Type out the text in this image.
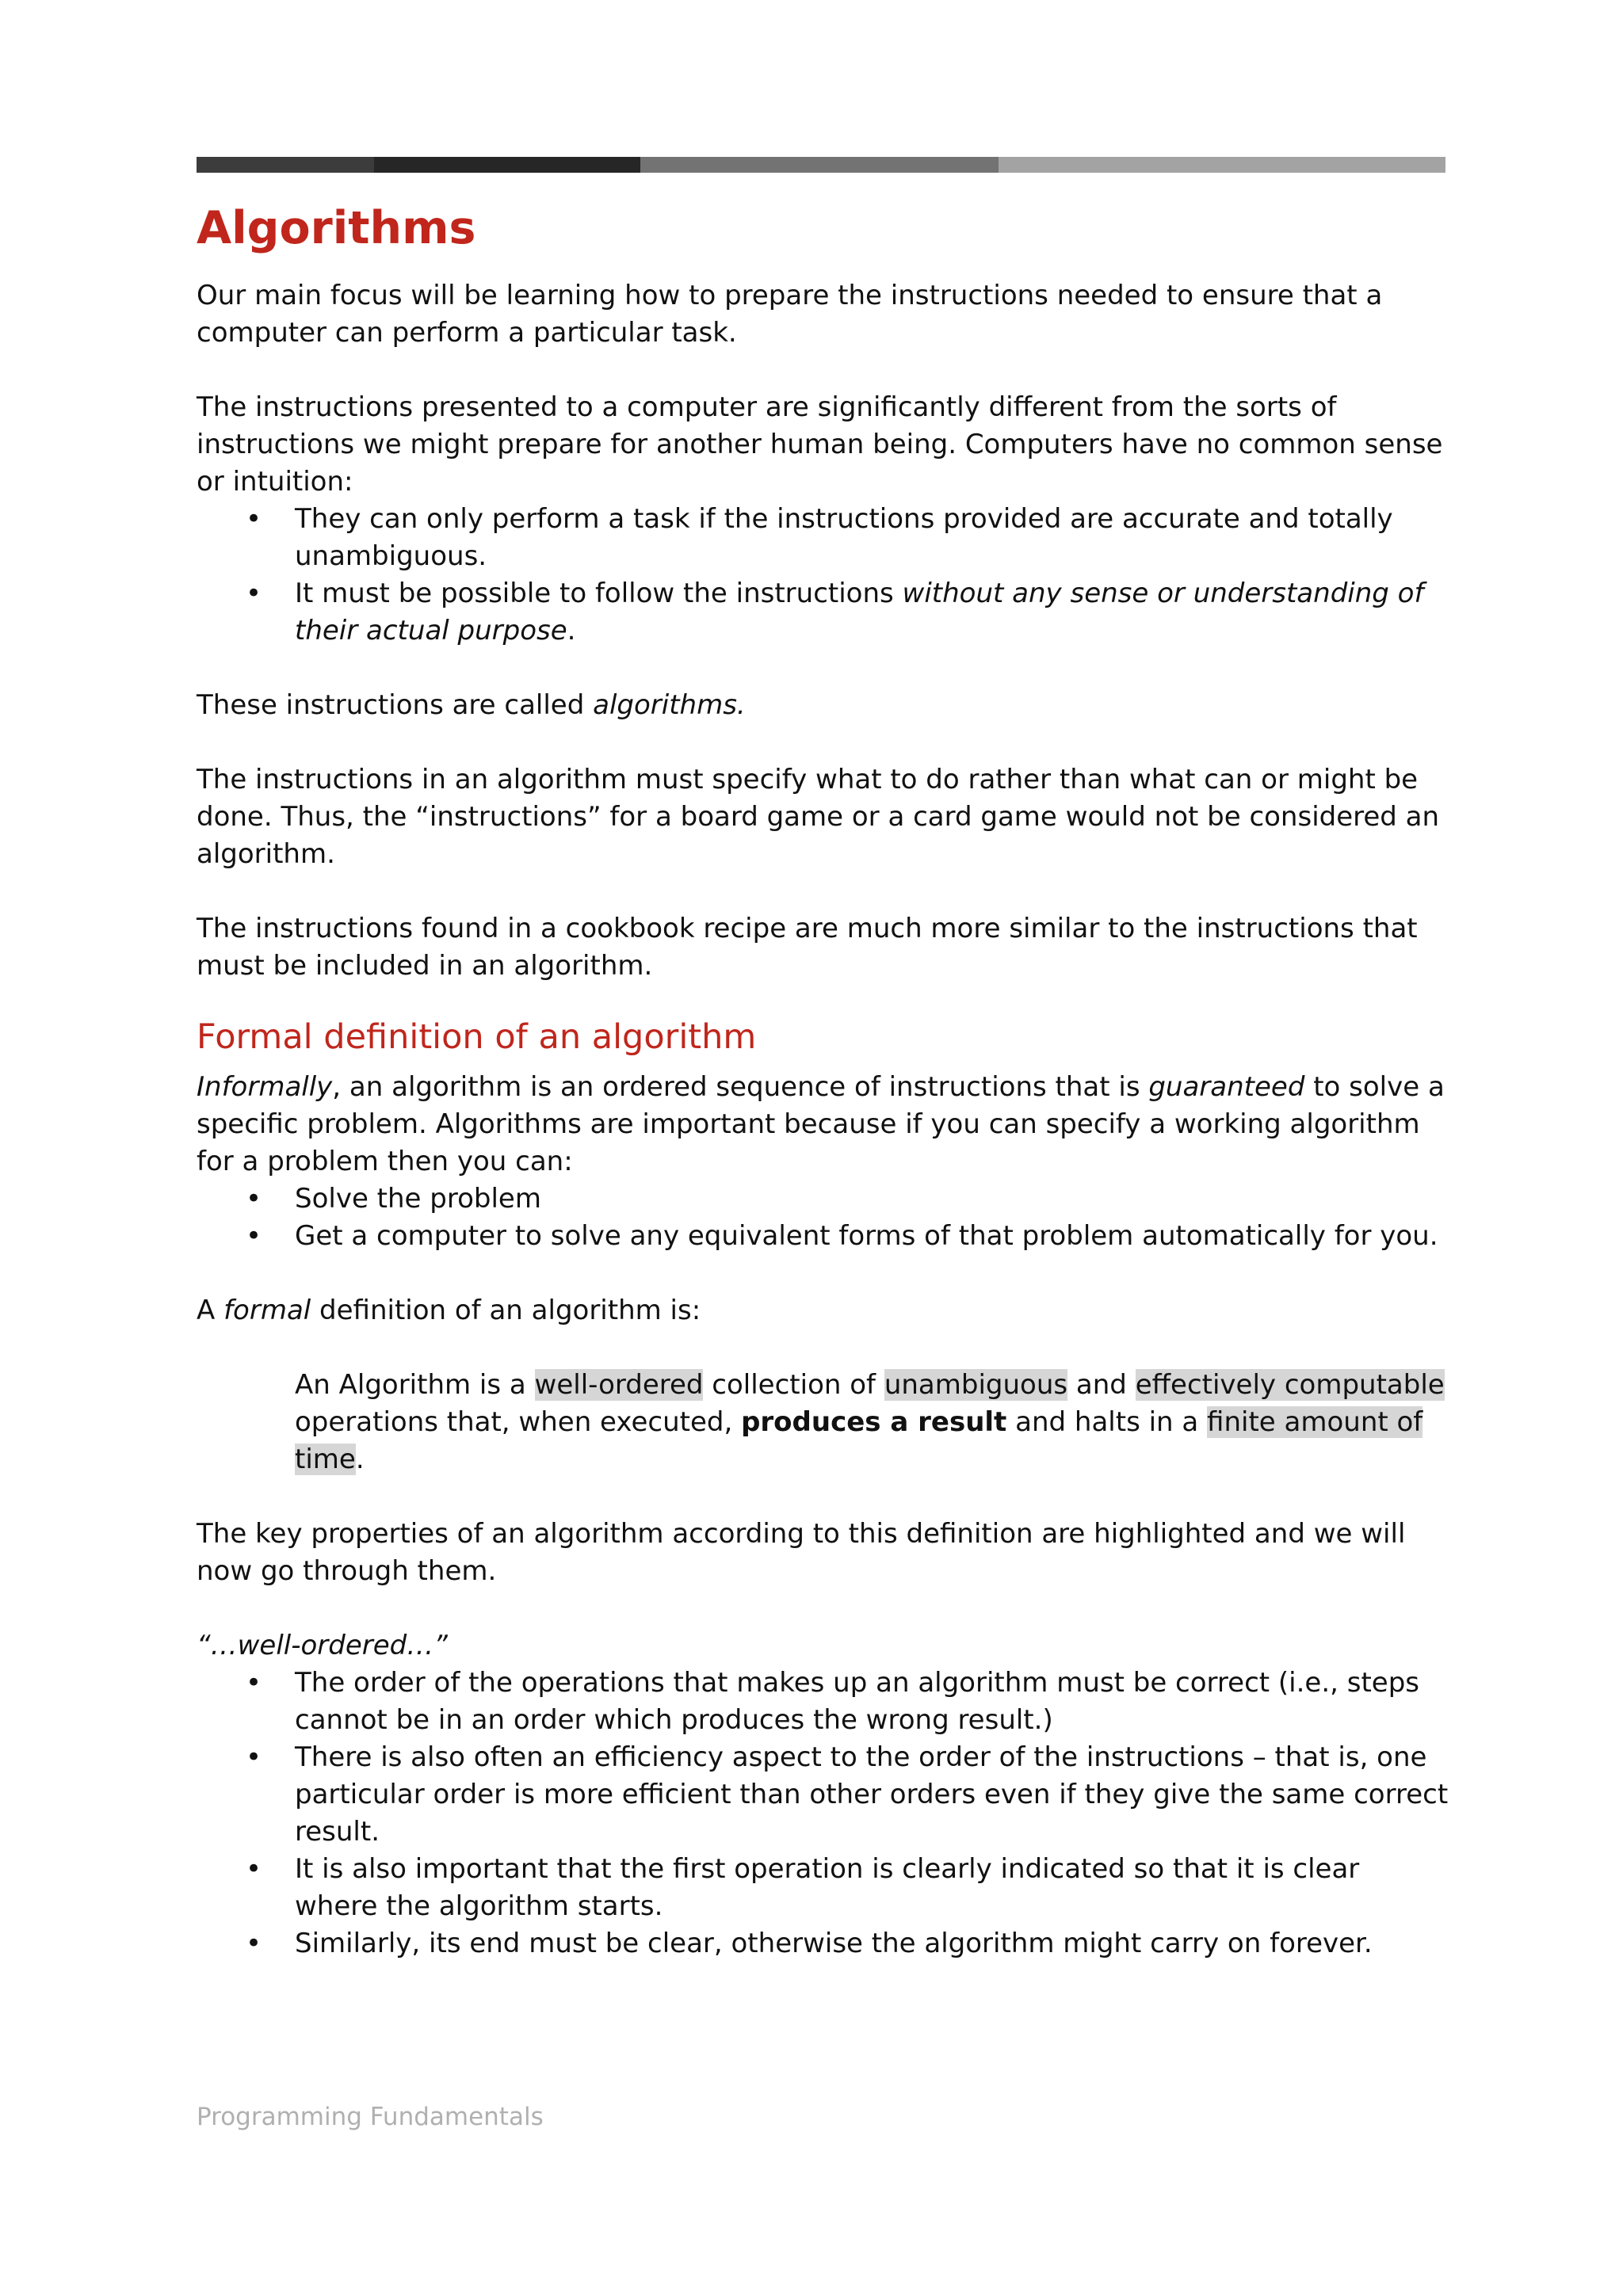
Algorithms

Our main focus will be learning how to prepare the instructions needed to ensure that a computer can perform a particular task.

The instructions presented to a computer are significantly different from the sorts of instructions we might prepare for another human being. Computers have no common sense or intuition:

• They can only perform a task if the instructions provided are accurate and totally unambiguous.
• It must be possible to follow the instructions without any sense or understanding of their actual purpose.

These instructions are called algorithms.

The instructions in an algorithm must specify what to do rather than what can or might be done. Thus, the “instructions” for a board game or a card game would not be considered an algorithm.

The instructions found in a cookbook recipe are much more similar to the instructions that must be included in an algorithm.

Formal definition of an algorithm

Informally, an algorithm is an ordered sequence of instructions that is guaranteed to solve a specific problem. Algorithms are important because if you can specify a working algorithm for a problem then you can:

• Solve the problem
• Get a computer to solve any equivalent forms of that problem automatically for you.

A formal definition of an algorithm is:

An Algorithm is a well-ordered collection of unambiguous and effectively computable operations that, when executed, produces a result and halts in a finite amount of time.

The key properties of an algorithm according to this definition are highlighted and we will now go through them.

“…well-ordered…”

• The order of the operations that makes up an algorithm must be correct (i.e., steps cannot be in an order which produces the wrong result.)
• There is also often an efficiency aspect to the order of the instructions – that is, one particular order is more efficient than other orders even if they give the same correct result.
• It is also important that the first operation is clearly indicated so that it is clear where the algorithm starts.
• Similarly, its end must be clear, otherwise the algorithm might carry on forever.
Programming Fundamentals
